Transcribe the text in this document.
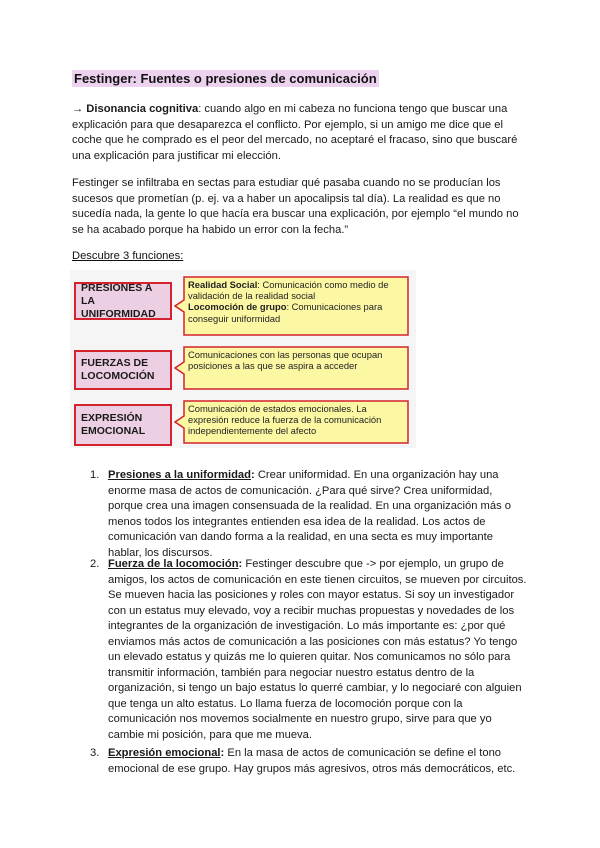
Festinger: Fuentes o presiones de comunicación
→ Disonancia cognitiva: cuando algo en mi cabeza no funciona tengo que buscar una explicación para que desaparezca el conflicto. Por ejemplo, si un amigo me dice que el coche que he comprado es el peor del mercado, no aceptaré el fracaso, sino que buscaré una explicación para justificar mi elección.
Festinger se infiltraba en sectas para estudiar qué pasaba cuando no se producían los sucesos que prometían (p. ej. va a haber un apocalipsis tal día). La realidad es que no sucedía nada, la gente lo que hacía era buscar una explicación, por ejemplo “el mundo no se ha acabado porque ha habido un error con la fecha.”
Descubre 3 funciones:
PRESIONES A LA UNIFORMIDAD
Realidad Social: Comunicación como medio de validación de la realidad social
Locomoción de grupo: Comunicaciones para conseguir uniformidad
FUERZAS DE LOCOMOCIÓN
Comunicaciones con las personas que ocupan posiciones a las que se aspira a acceder
EXPRESIÓN EMOCIONAL
Comunicación de estados emocionales. La expresión reduce la fuerza de la comunicación independientemente del afecto
1. Presiones a la uniformidad: Crear uniformidad. En una organización hay una enorme masa de actos de comunicación. ¿Para qué sirve? Crea uniformidad, porque crea una imagen consensuada de la realidad. En una organización más o menos todos los integrantes entienden esa idea de la realidad. Los actos de comunicación van dando forma a la realidad, en una secta es muy importante hablar, los discursos.
2. Fuerza de la locomoción: Festinger descubre que -> por ejemplo, un grupo de amigos, los actos de comunicación en este tienen circuitos, se mueven por circuitos. Se mueven hacia las posiciones y roles con mayor estatus. Si soy un investigador con un estatus muy elevado, voy a recibir muchas propuestas y novedades de los integrantes de la organización de investigación. Lo más importante es: ¿por qué enviamos más actos de comunicación a las posiciones con más estatus? Yo tengo un elevado estatus y quizás me lo quieren quitar. Nos comunicamos no sólo para transmitir información, también para negociar nuestro estatus dentro de la organización, si tengo un bajo estatus lo querré cambiar, y lo negociaré con alguien que tenga un alto estatus. Lo llama fuerza de locomoción porque con la comunicación nos movemos socialmente en nuestro grupo, sirve para que yo cambie mi posición, para que me mueva.
3. Expresión emocional: En la masa de actos de comunicación se define el tono emocional de ese grupo. Hay grupos más agresivos, otros más democráticos, etc.
